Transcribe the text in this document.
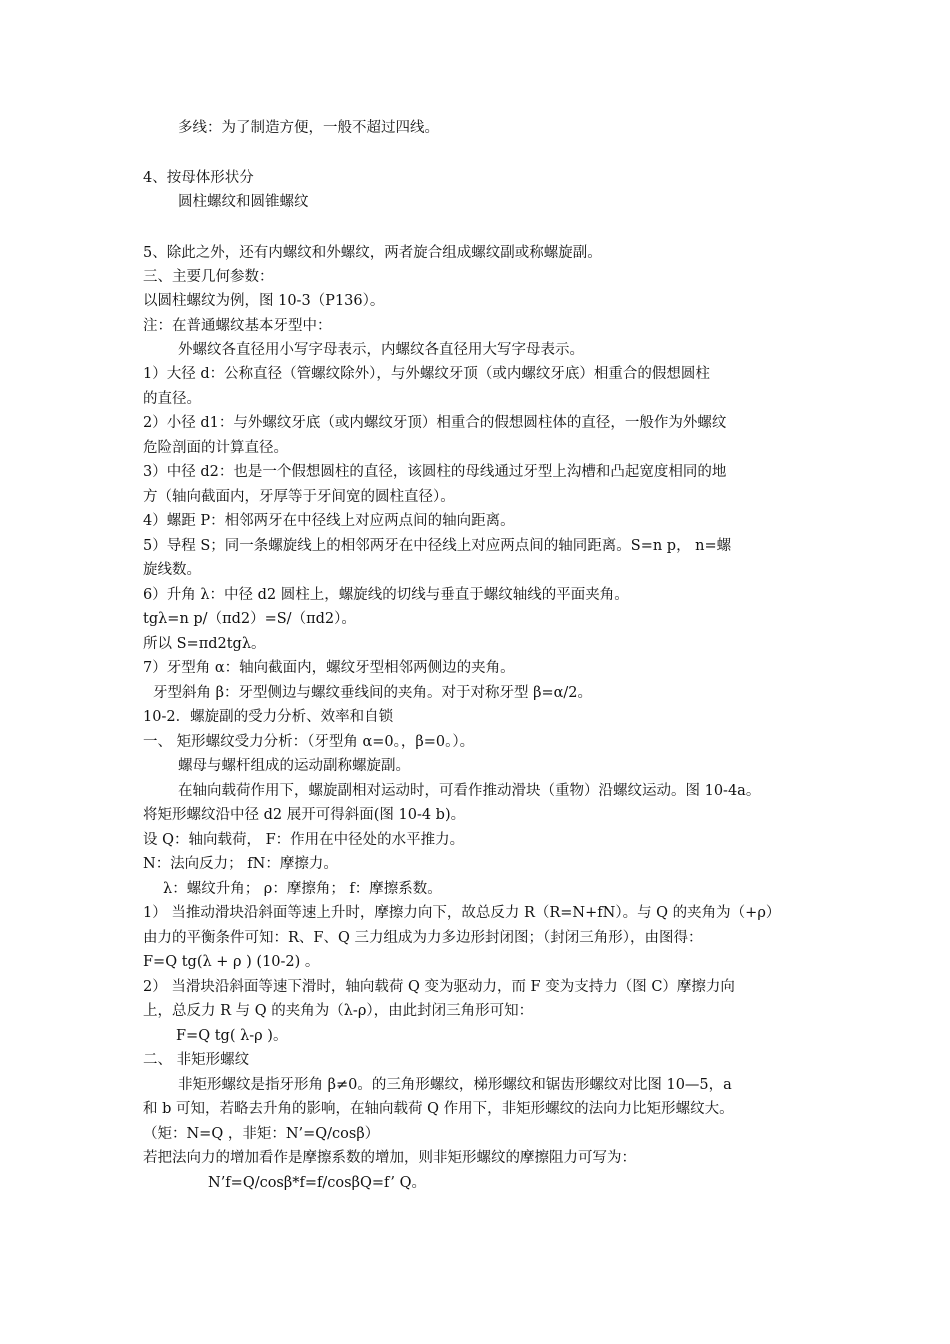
多线：为了制造方便，一般不超过四线。
4、按母体形状分
圆柱螺纹和圆锥螺纹
5、除此之外，还有内螺纹和外螺纹，两者旋合组成螺纹副或称螺旋副。
三、主要几何参数：
以圆柱螺纹为例，图 10-3（P136）。
注：在普通螺纹基本牙型中：
外螺纹各直径用小写字母表示，内螺纹各直径用大写字母表示。
1）大径 d：公称直径（管螺纹除外），与外螺纹牙顶（或内螺纹牙底）相重合的假想圆柱
的直径。
2）小径 d1：与外螺纹牙底（或内螺纹牙顶）相重合的假想圆柱体的直径，一般作为外螺纹
危险剖面的计算直径。
3）中径 d2：也是一个假想圆柱的直径，该圆柱的母线通过牙型上沟槽和凸起宽度相同的地
方（轴向截面内，牙厚等于牙间宽的圆柱直径）。
4）螺距 P：相邻两牙在中径线上对应两点间的轴向距离。
5）导程 S；同一条螺旋线上的相邻两牙在中径线上对应两点间的轴同距离。S=n p， n=螺
旋线数。
6）升角 λ：中径 d2 圆柱上，螺旋线的切线与垂直于螺纹轴线的平面夹角。
tgλ=n p/（πd2）=S/（πd2）。
所以 S=πd2tgλ。
7）牙型角 α：轴向截面内，螺纹牙型相邻两侧边的夹角。
牙型斜角 β：牙型侧边与螺纹垂线间的夹角。对于对称牙型 β=α/2。
10-2．螺旋副的受力分析、效率和自锁
一、 矩形螺纹受力分析：（牙型角 α=0。，β=0。）。
螺母与螺杆组成的运动副称螺旋副。
在轴向载荷作用下，螺旋副相对运动时，可看作推动滑块（重物）沿螺纹运动。图 10-4a。
将矩形螺纹沿中径 d2 展开可得斜面(图 10-4 b)。
设 Q：轴向载荷， F：作用在中径处的水平推力。
N：法向反力； fN：摩擦力。
λ：螺纹升角； ρ：摩擦角； f：摩擦系数。
1） 当推动滑块沿斜面等速上升时，摩擦力向下，故总反力 R（R=N+fN）。与 Q 的夹角为（+ρ）
由力的平衡条件可知：R、F、Q 三力组成为力多边形封闭图；（封闭三角形），由图得：
F=Q tg(λ + ρ ) (10-2) 。
2） 当滑块沿斜面等速下滑时，轴向载荷 Q 变为驱动力，而 F 变为支持力（图 C）摩擦力向
上，总反力 R 与 Q 的夹角为（λ-ρ），由此封闭三角形可知：
F=Q tg( λ-ρ )。
二、 非矩形螺纹
非矩形螺纹是指牙形角 β≠0。的三角形螺纹，梯形螺纹和锯齿形螺纹对比图 10—5，a
和 b 可知，若略去升角的影响，在轴向载荷 Q 作用下，非矩形螺纹的法向力比矩形螺纹大。
（矩：N=Q ，非矩：N’=Q/cosβ）
若把法向力的增加看作是摩擦系数的增加，则非矩形螺纹的摩擦阻力可写为：
N’f=Q/cosβ*f=f/cosβQ=f’ Q。
